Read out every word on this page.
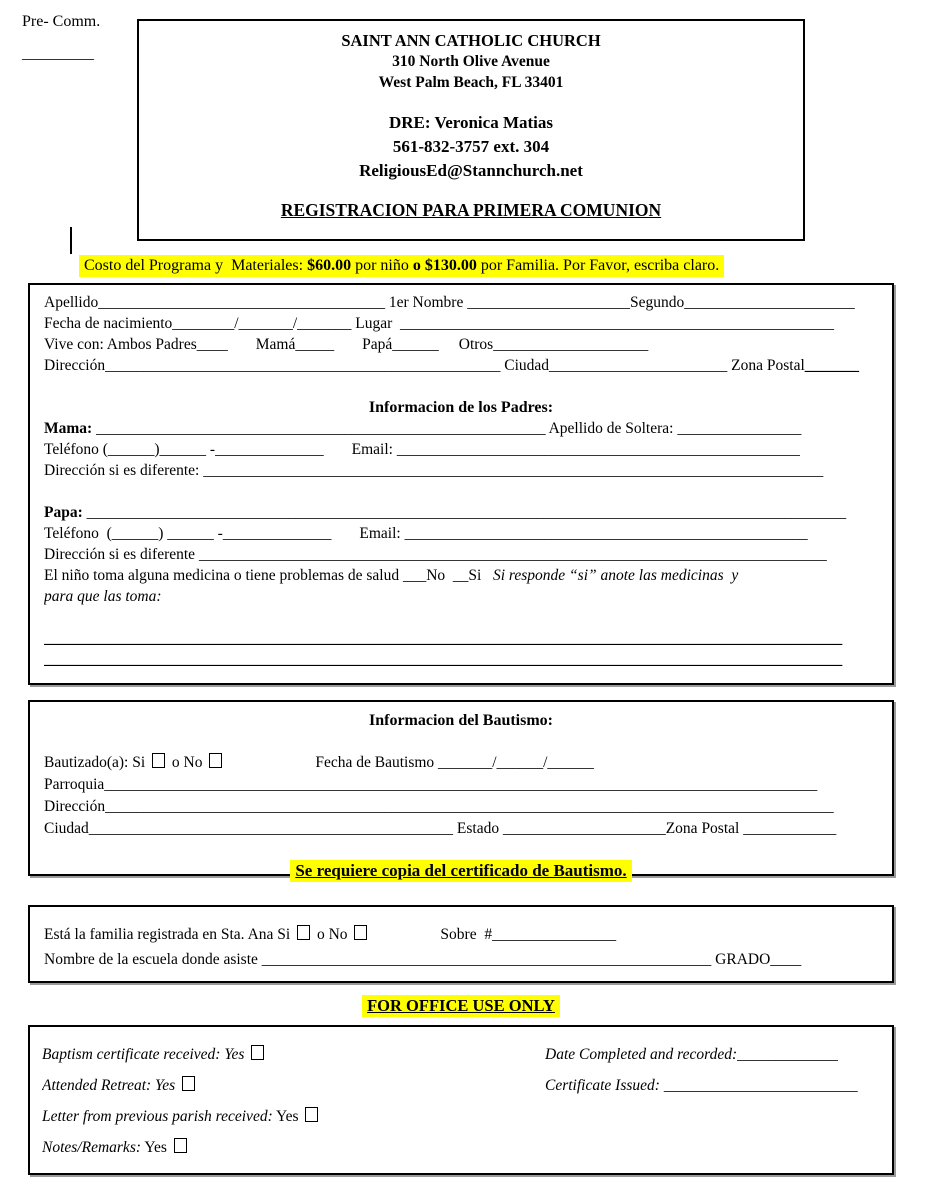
Pre- Comm.
_________
SAINT ANN CATHOLIC CHURCH
310 North Olive Avenue
West Palm Beach, FL 33401
DRE: Veronica Matias
561-832-3757 ext. 304
ReligiousEd@Stannchurch.net
REGISTRACION PARA PRIMERA COMUNION
Costo del Programa y  Materiales: $60.00 por niño o $130.00 por Familia. Por Favor, escriba claro.
Apellido_____________________________________ 1er Nombre _____________________Segundo______________________
Fecha de nacimiento________/_______/_______ Lugar  ________________________________________________________
Vive con: Ambos Padres____ Mamá_____ Papá______ Otros____________________
Dirección___________________________________________________ Ciudad_______________________ Zona Postal_______
Informacion de los Padres:
Mama: __________________________________________________________ Apellido de Soltera: ________________
Teléfono (______)______ -______________ Email: ____________________________________________________
Dirección si es diferente: ________________________________________________________________________________
Papa: __________________________________________________________________________________________________
Teléfono  (______) ______ -______________ Email: ____________________________________________________
Dirección si es diferente _________________________________________________________________________________
El niño toma alguna medicina o tiene problemas de salud ___No  __Si   Si responde “si” anote las medicinas  y
para que las toma:
_______________________________________________________________________________________________________
_______________________________________________________________________________________________________
Informacion del Bautismo:
Bautizado(a): Si  o No	Fecha de Bautismo _______/______/______
Parroquia____________________________________________________________________________________________
Dirección______________________________________________________________________________________________
Ciudad_______________________________________________ Estado _____________________Zona Postal ____________
Se requiere copia del certificado de Bautismo.
Está la familia registrada en Sta. Ana Si  o No	Sobre  #________________
Nombre de la escuela donde asiste __________________________________________________________ GRADO____
FOR OFFICE USE ONLY
Baptism certificate received: Yes
Attended Retreat: Yes
Letter from previous parish received: Yes
Notes/Remarks: Yes
Date Completed and recorded:_____________
Certificate Issued: _________________________
